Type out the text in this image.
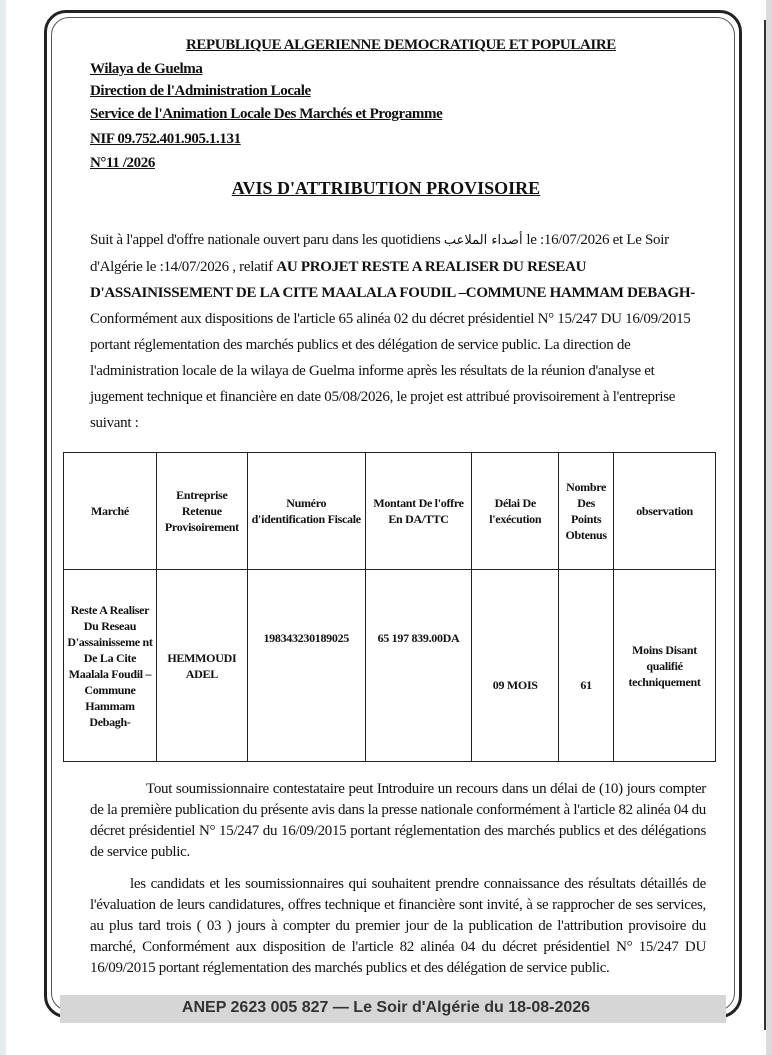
REPUBLIQUE ALGERIENNE DEMOCRATIQUE ET POPULAIRE
Wilaya de Guelma
Direction de l'Administration Locale
Service de l'Animation Locale Des Marchés et Programme
NIF 09.752.401.905.1.131
N°11 /2026
AVIS D'ATTRIBUTION PROVISOIRE
Suit à l'appel d'offre nationale ouvert paru dans les quotidiens أصداء الملاعب le :16/07/2026 et Le Soir d'Algérie le :14/07/2026 , relatif AU PROJET RESTE A REALISER DU RESEAU D'ASSAINISSEMENT DE LA CITE MAALALA FOUDIL –COMMUNE HAMMAM DEBAGH-
Conformément aux dispositions de l'article 65 alinéa 02 du décret présidentiel N° 15/247 DU 16/09/2015 portant réglementation des marchés publics et des délégation de service public. La direction de l'administration locale de la wilaya de Guelma informe après les résultats de la réunion d'analyse et jugement technique et financière en date 05/08/2026, le projet est attribué provisoirement à l'entreprise suivant :
Marché	Entreprise Retenue Provisoirement	Numéro d'identification Fiscale	Montant De l'offre En DA/TTC	Délai De l'exécution	Nombre Des Points Obtenus	observation
Reste A Realiser Du Reseau D'assainisseme nt De La Cite Maalala Foudil –Commune Hammam Debagh-	HEMMOUDI ADEL	198343230189025	65 197 839.00DA	09 MOIS	61	Moins Disant qualifié techniquement
Tout soumissionnaire contestataire peut Introduire un recours dans un délai de (10) jours compter de la première publication du présente avis dans la presse nationale conformément à l'article 82 alinéa 04 du décret présidentiel N° 15/247 du 16/09/2015 portant réglementation des marchés publics et des délégations de service public.
les candidats et les soumissionnaires qui souhaitent prendre connaissance des résultats détaillés de l'évaluation de leurs candidatures, offres technique et financière sont invité, à se rapprocher de ses services, au plus tard trois ( 03 ) jours à compter du premier jour de la publication de l'attribution provisoire du marché, Conformément aux disposition de l'article 82 alinéa 04 du décret présidentiel N° 15/247 DU 16/09/2015 portant réglementation des marchés publics et des délégation de service public.
ANEP 2623 005 827 — Le Soir d'Algérie du 18-08-2026
